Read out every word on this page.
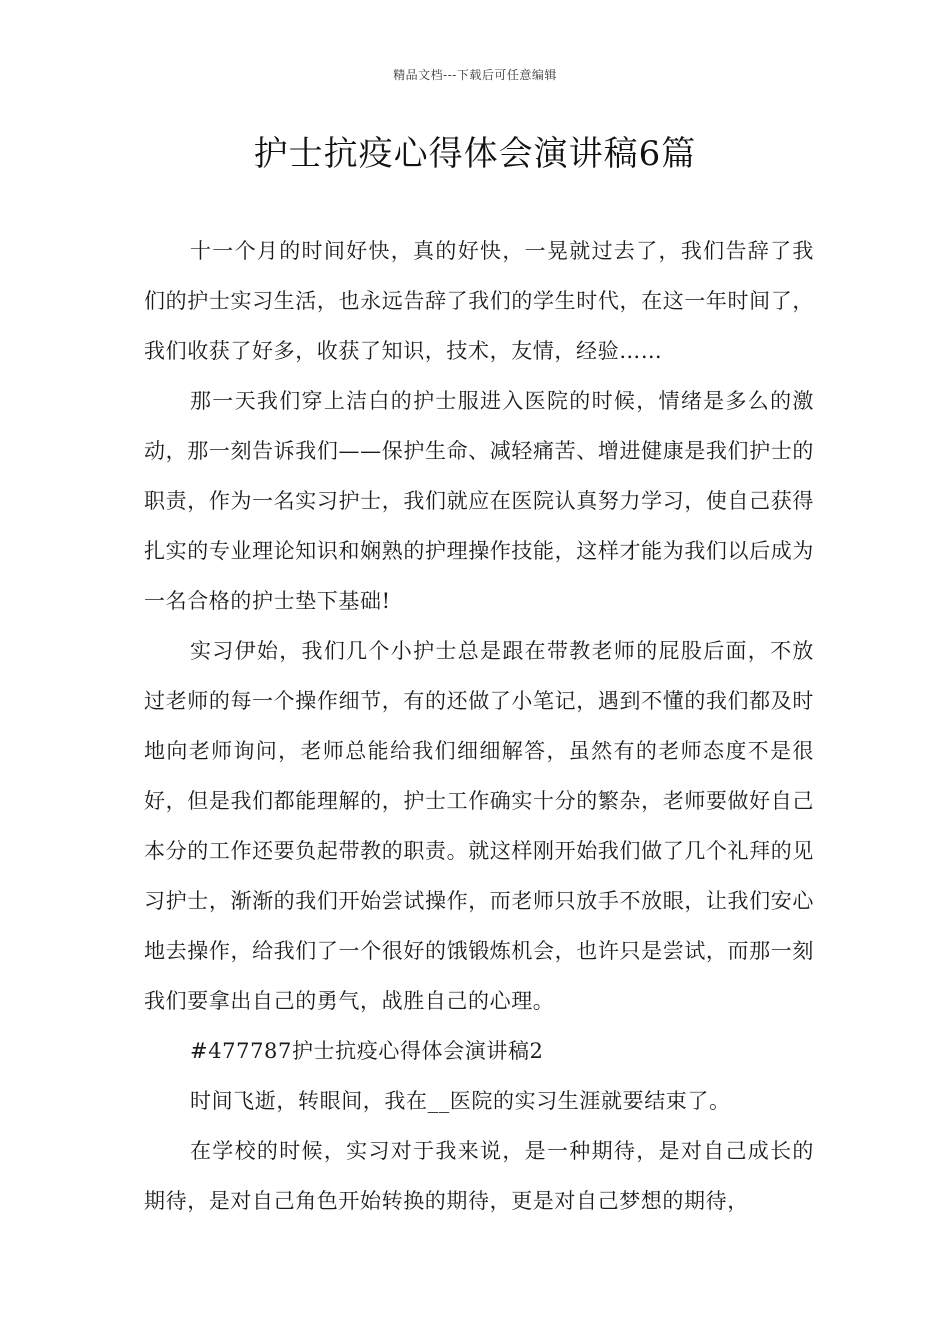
精品文档---下载后可任意编辑
护士抗疫心得体会演讲稿6篇

十一个月的时间好快，真的好快，一晃就过去了，我们告辞了我们的护士实习生活，也永远告辞了我们的学生时代，在这一年时间了，我们收获了好多，收获了知识，技术，友情，经验……

那一天我们穿上洁白的护士服进入医院的时候，情绪是多么的激动，那一刻告诉我们——保护生命、减轻痛苦、增进健康是我们护士的职责，作为一名实习护士，我们就应在医院认真努力学习，使自己获得扎实的专业理论知识和娴熟的护理操作技能，这样才能为我们以后成为一名合格的护士垫下基础!

实习伊始，我们几个小护士总是跟在带教老师的屁股后面，不放过老师的每一个操作细节，有的还做了小笔记，遇到不懂的我们都及时地向老师询问，老师总能给我们细细解答，虽然有的老师态度不是很好，但是我们都能理解的，护士工作确实十分的繁杂，老师要做好自己本分的工作还要负起带教的职责。就这样刚开始我们做了几个礼拜的见习护士，渐渐的我们开始尝试操作，而老师只放手不放眼，让我们安心地去操作，给我们了一个很好的饿锻炼机会，也许只是尝试，而那一刻我们要拿出自己的勇气，战胜自己的心理。

#477787护士抗疫心得体会演讲稿2

时间飞逝，转眼间，我在__医院的实习生涯就要结束了。

在学校的时候，实习对于我来说，是一种期待，是对自己成长的期待，是对自己角色开始转换的期待，更是对自己梦想的期待，
